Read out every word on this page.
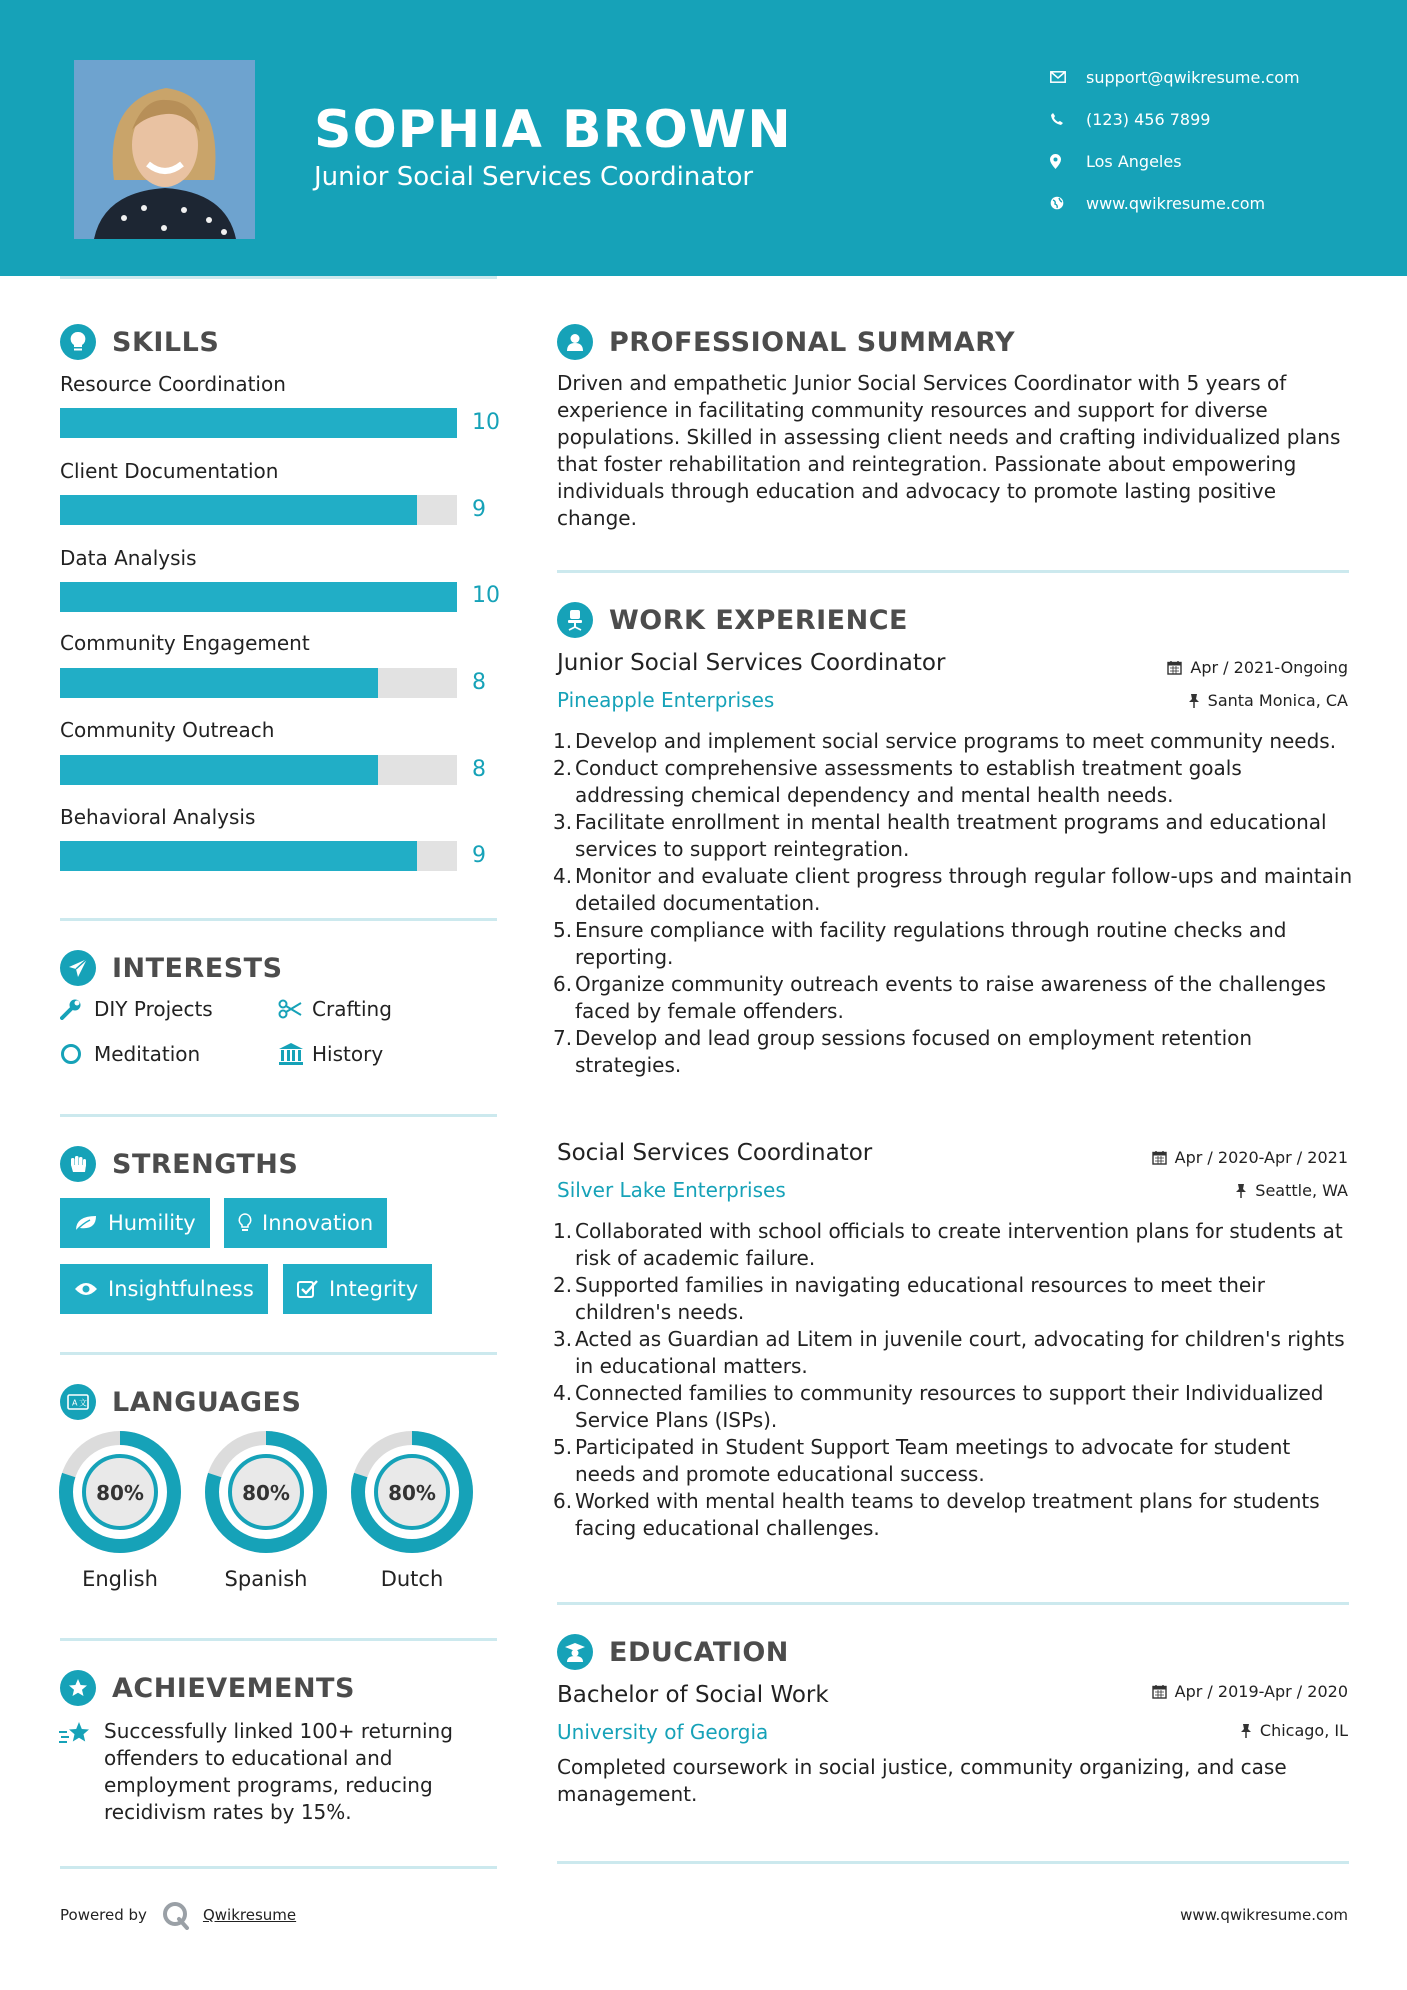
SOPHIA BROWN
Junior Social Services Coordinator
support@qwikresume.com
(123) 456 7899
Los Angeles
www.qwikresume.com
SKILLS
Resource Coordination
10
Client Documentation
9
Data Analysis
10
Community Engagement
8
Community Outreach
8
Behavioral Analysis
9
INTERESTS
DIY Projects	Crafting
Meditation	History
STRENGTHS
Humility	Innovation
Insightfulness	Integrity
A 文 LANGUAGES
80%	80%	80%
English	Spanish	Dutch
ACHIEVEMENTS
Successfully linked 100+ returning offenders to educational and employment programs, reducing recidivism rates by 15%.
PROFESSIONAL SUMMARY
Driven and empathetic Junior Social Services Coordinator with 5 years of experience in facilitating community resources and support for diverse populations. Skilled in assessing client needs and crafting individualized plans that foster rehabilitation and reintegration. Passionate about empowering individuals through education and advocacy to promote lasting positive change.
WORK EXPERIENCE
Junior Social Services Coordinator	Apr / 2021-Ongoing
Pineapple Enterprises	Santa Monica, CA
1. Develop and implement social service programs to meet community needs.
2. Conduct comprehensive assessments to establish treatment goals addressing chemical dependency and mental health needs.
3. Facilitate enrollment in mental health treatment programs and educational services to support reintegration.
4. Monitor and evaluate client progress through regular follow-ups and maintain detailed documentation.
5. Ensure compliance with facility regulations through routine checks and reporting.
6. Organize community outreach events to raise awareness of the challenges faced by female offenders.
7. Develop and lead group sessions focused on employment retention strategies.
Social Services Coordinator	Apr / 2020-Apr / 2021
Silver Lake Enterprises	Seattle, WA
1. Collaborated with school officials to create intervention plans for students at risk of academic failure.
2. Supported families in navigating educational resources to meet their children's needs.
3. Acted as Guardian ad Litem in juvenile court, advocating for children's rights in educational matters.
4. Connected families to community resources to support their Individualized Service Plans (ISPs).
5. Participated in Student Support Team meetings to advocate for student needs and promote educational success.
6. Worked with mental health teams to develop treatment plans for students facing educational challenges.
EDUCATION
Bachelor of Social Work	Apr / 2019-Apr / 2020
University of Georgia	Chicago, IL
Completed coursework in social justice, community organizing, and case management.
Powered by	Qwikresume	www.qwikresume.com
